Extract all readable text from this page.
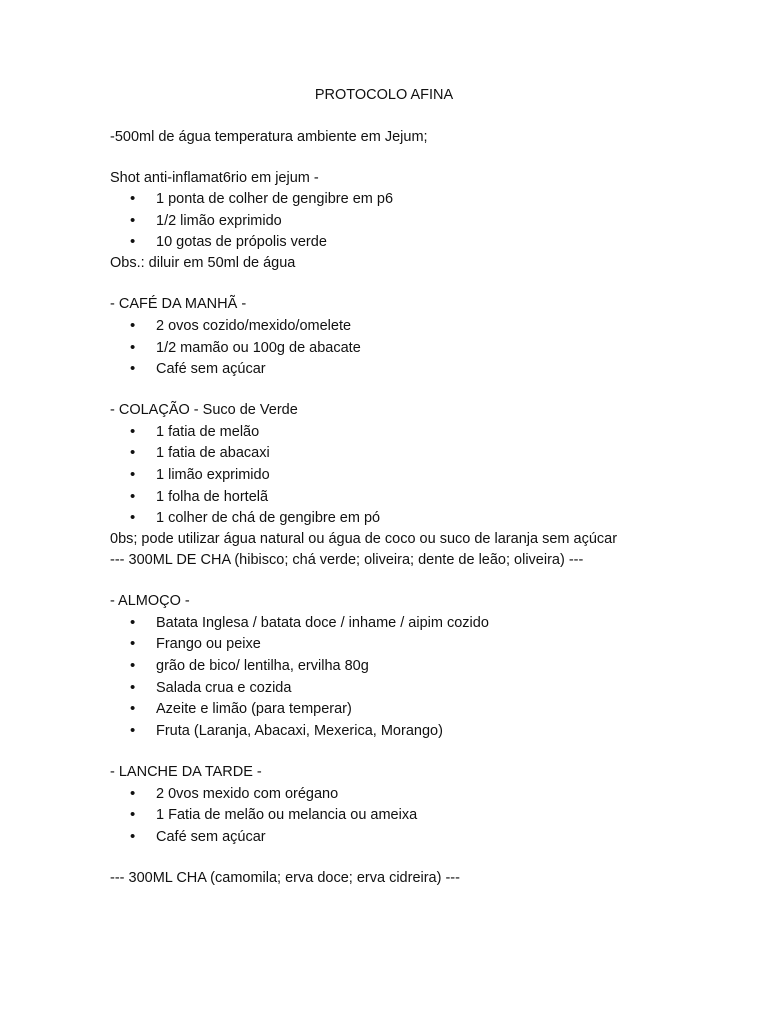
PROTOCOLO AFINA
-500ml de água temperatura ambiente em Jejum;
Shot anti-inflamat6rio em jejum -
• 1 ponta de colher de gengibre em p6
• 1/2 limão exprimido
• 10 gotas de própolis verde
Obs.: diluir em 50ml de água
- CAFÉ DA MANHÃ -
• 2 ovos cozido/mexido/omelete
• 1/2 mamão ou 100g de abacate
• Café sem açúcar
- COLAÇÃO - Suco de Verde
• 1 fatia de melão
• 1 fatia de abacaxi
• 1 limão exprimido
• 1 folha de hortelã
• 1 colher de chá de gengibre em pó
0bs; pode utilizar água natural ou água de coco ou suco de laranja sem açúcar
--- 300ML DE CHA (hibisco; chá verde; oliveira; dente de leão; oliveira) ---
- ALMOÇO -
• Batata Inglesa / batata doce / inhame / aipim cozido
• Frango ou peixe
• grão de bico/ lentilha, ervilha 80g
• Salada crua e cozida
• Azeite e limão (para temperar)
• Fruta (Laranja, Abacaxi, Mexerica, Morango)
- LANCHE DA TARDE -
• 2 0vos mexido com orégano
• 1 Fatia de melão ou melancia ou ameixa
• Café sem açúcar
--- 300ML CHA (camomila; erva doce; erva cidreira) ---
